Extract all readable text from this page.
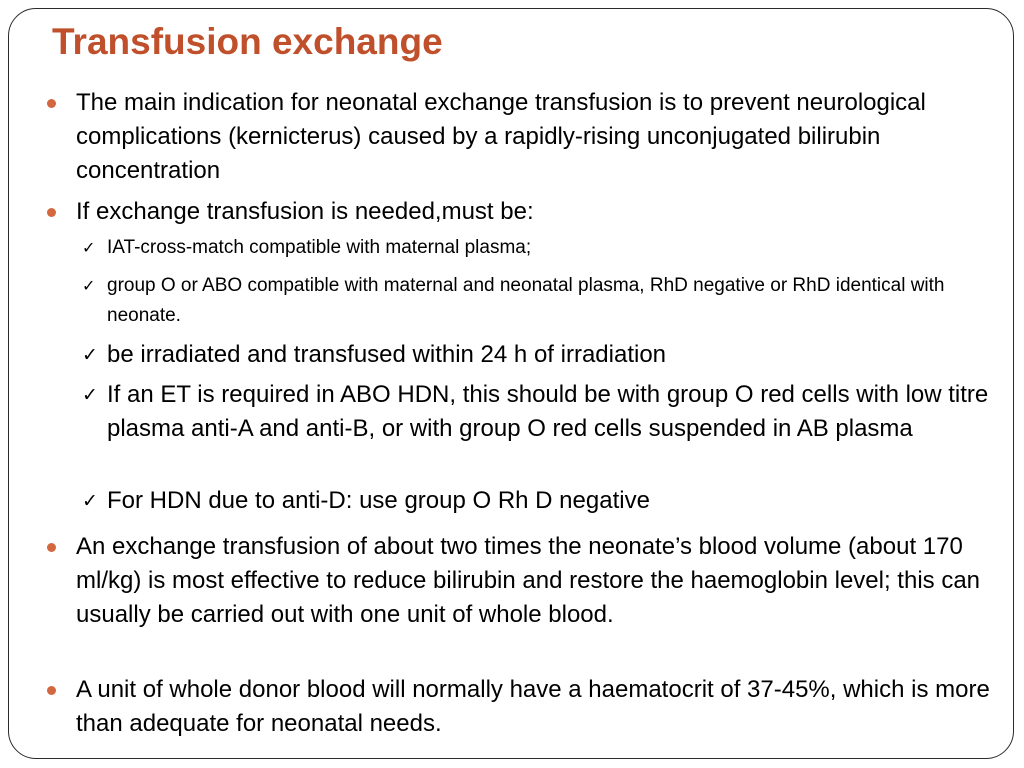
Transfusion exchange

The main indication for neonatal exchange transfusion is to prevent neurological complications (kernicterus) caused by a rapidly-rising unconjugated bilirubin concentration

If exchange transfusion is needed,must be:

✓ IAT-cross-match compatible with maternal plasma;

✓ group O or ABO compatible with maternal and neonatal plasma, RhD negative or RhD identical with neonate.

✓ be irradiated and transfused within 24 h of irradiation

✓ If an ET is required in ABO HDN, this should be with group O red cells with low titre plasma anti-A and anti-B, or with group O red cells suspended in AB plasma

✓ For HDN due to anti-D: use group O Rh D negative

An exchange transfusion of about two times the neonate’s blood volume (about 170 ml/kg) is most effective to reduce bilirubin and restore the haemoglobin level; this can usually be carried out with one unit of whole blood.

A unit of whole donor blood will normally have a haematocrit of 37-45%, which is more than adequate for neonatal needs.
